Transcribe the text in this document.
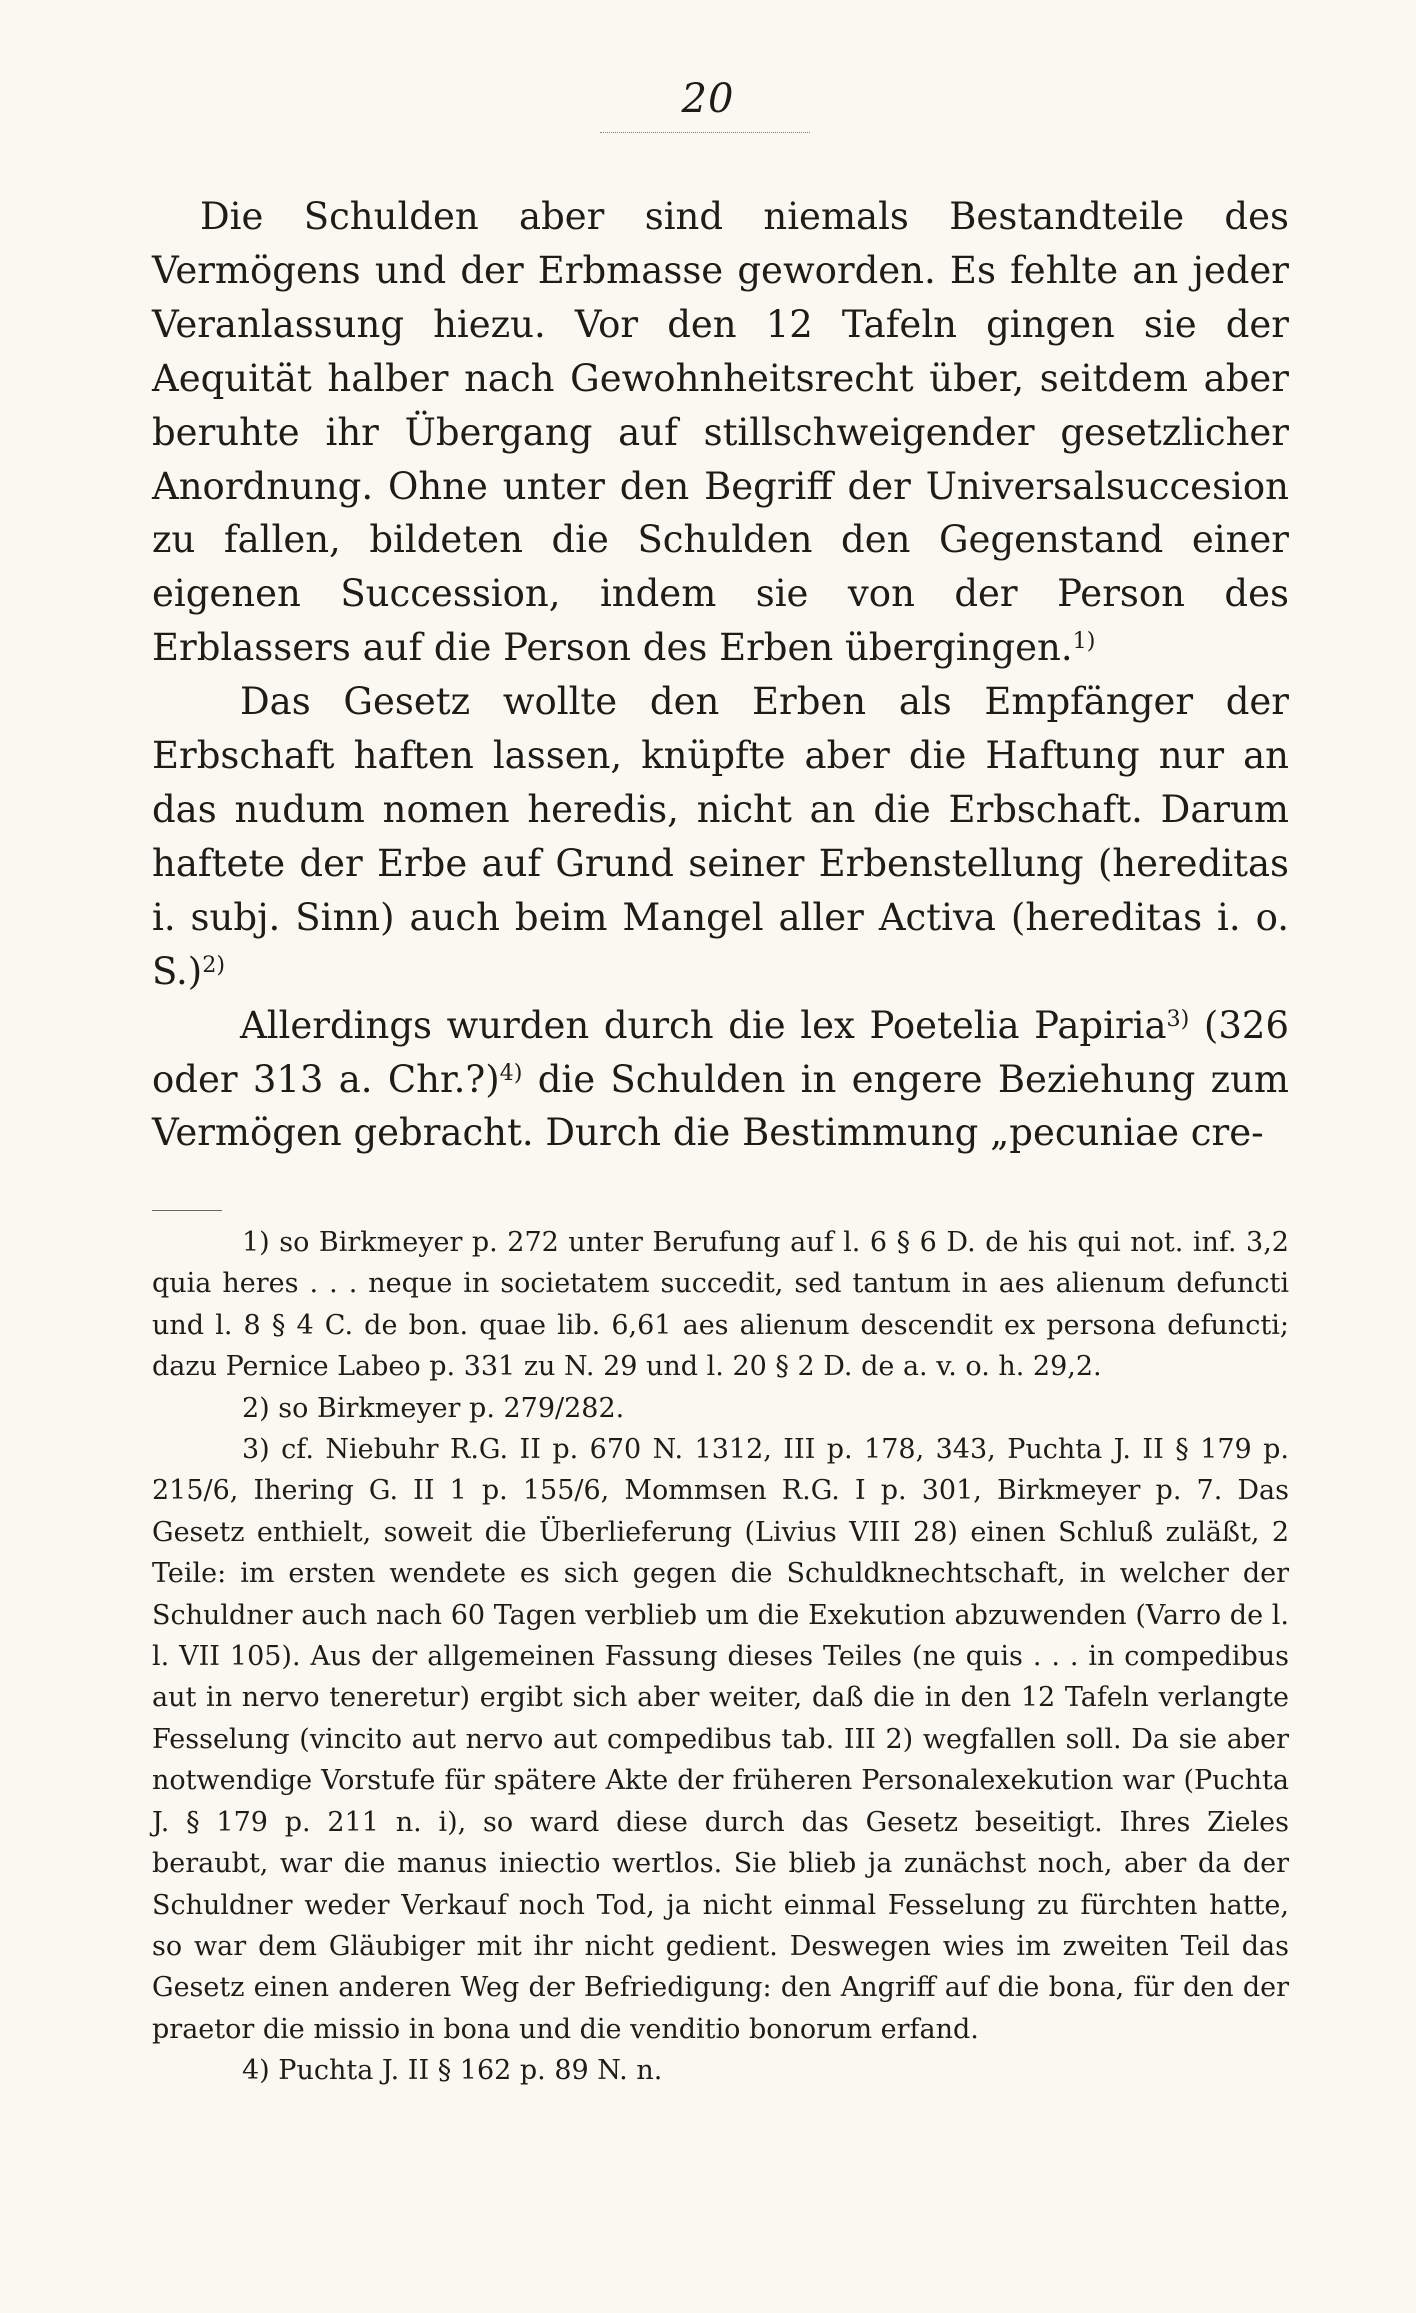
20

Die Schulden aber sind niemals Bestandteile des Vermögens und der Erbmasse geworden. Es fehlte an jeder Veranlassung hiezu. Vor den 12 Tafeln gingen sie der Aequität halber nach Gewohnheitsrecht über, seitdem aber beruhte ihr Übergang auf stillschweigender gesetzlicher Anordnung. Ohne unter den Begriff der Universalsuccesion zu fallen, bildeten die Schulden den Gegenstand einer eigenen Succession, indem sie von der Person des Erblassers auf die Person des Erben übergingen.$^{1)}$

Das Gesetz wollte den Erben als Empfänger der Erbschaft haften lassen, knüpfte aber die Haftung nur an das nudum nomen heredis, nicht an die Erbschaft. Darum haftete der Erbe auf Grund seiner Erbenstellung (hereditas i. subj. Sinn) auch beim Mangel aller Activa (hereditas i. o. S.)$^{2)}$

Allerdings wurden durch die lex Poetelia Papiria$^{3)}$ (326 oder 313 a. Chr.?)$^{4)}$ die Schulden in engere Beziehung zum Vermögen gebracht. Durch die Bestimmung „pecuniae cre-

1) so Birkmeyer p. 272 unter Berufung auf l. 6 § 6 D. de his qui not. inf. 3,2 quia heres . . . neque in societatem succedit, sed tantum in aes alienum defuncti und l. 8 § 4 C. de bon. quae lib. 6,61 aes alienum descendit ex persona defuncti; dazu Pernice Labeo p. 331 zu N. 29 und l. 20 § 2 D. de a. v. o. h. 29,2.

2) so Birkmeyer p. 279/282.

3) cf. Niebuhr R.G. II p. 670 N. 1312, III p. 178, 343, Puchta J. II § 179 p. 215/6, Ihering G. II 1 p. 155/6, Mommsen R.G. I p. 301, Birkmeyer p. 7. Das Gesetz enthielt, soweit die Überlieferung (Livius VIII 28) einen Schluß zuläßt, 2 Teile: im ersten wendete es sich gegen die Schuldknechtschaft, in welcher der Schuldner auch nach 60 Tagen verblieb um die Exekution abzuwenden (Varro de l. l. VII 105). Aus der allgemeinen Fassung dieses Teiles (ne quis . . . in compedibus aut in nervo teneretur) ergibt sich aber weiter, daß die in den 12 Tafeln verlangte Fesselung (vincito aut nervo aut compedibus tab. III 2) wegfallen soll. Da sie aber notwendige Vorstufe für spätere Akte der früheren Personalexekution war (Puchta J. § 179 p. 211 n. i), so ward diese durch das Gesetz beseitigt. Ihres Zieles beraubt, war die manus iniectio wertlos. Sie blieb ja zunächst noch, aber da der Schuldner weder Verkauf noch Tod, ja nicht einmal Fesselung zu fürchten hatte, so war dem Gläubiger mit ihr nicht gedient. Deswegen wies im zweiten Teil das Gesetz einen anderen Weg der Befriedigung: den Angriff auf die bona, für den der praetor die missio in bona und die venditio bonorum erfand.

4) Puchta J. II § 162 p. 89 N. n.
